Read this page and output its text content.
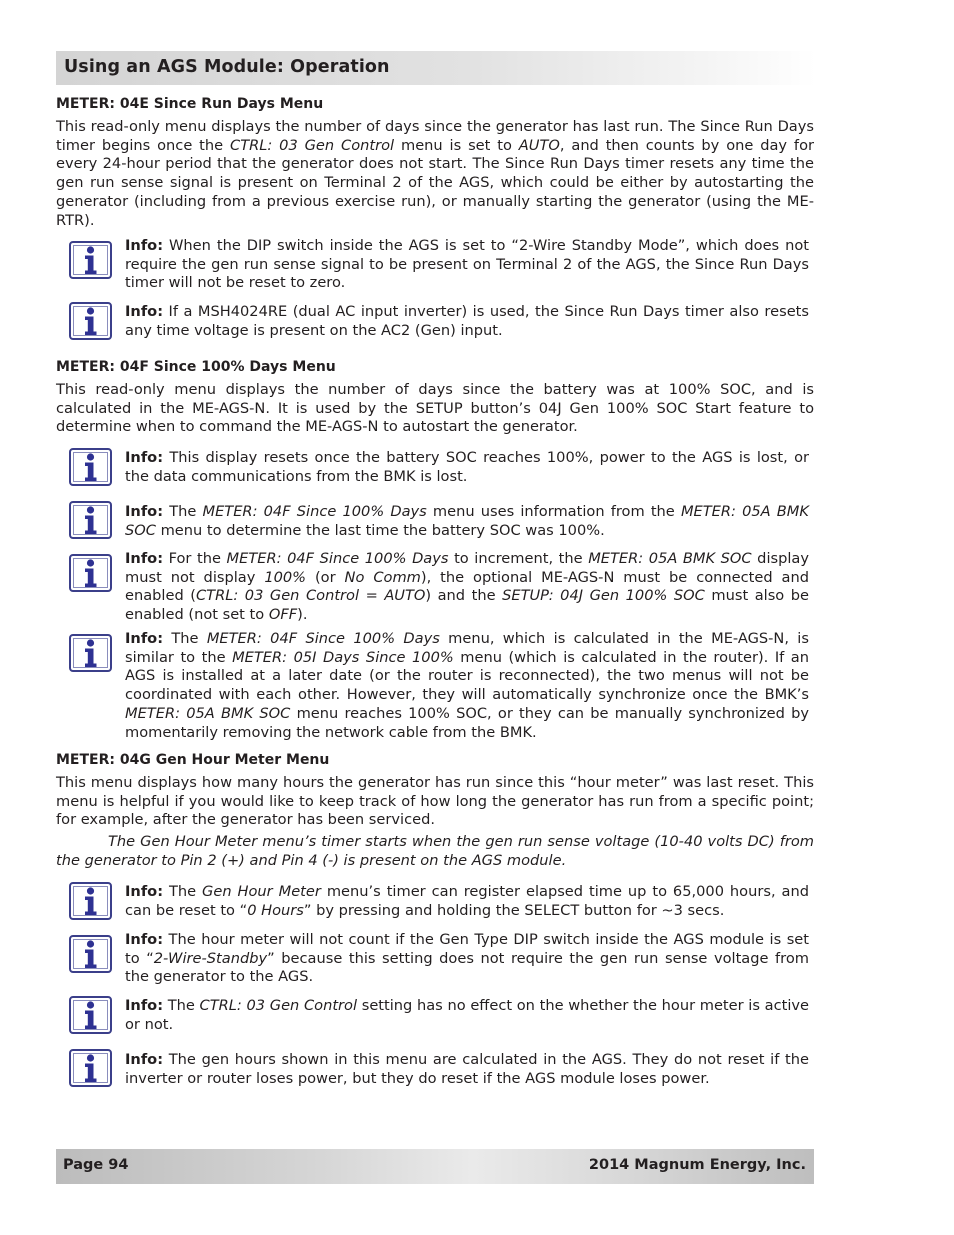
Using an AGS Module: Operation
METER: 04E Since Run Days Menu
This read-only menu displays the number of days since the generator has last run. The Since Run Days timer begins once the CTRL: 03 Gen Control menu is set to AUTO, and then counts by one day for every 24-hour period that the generator does not start. The Since Run Days timer resets any time the gen run sense signal is present on Terminal 2 of the AGS, which could be either by autostarting the generator (including from a previous exercise run), or manually starting the generator (using the ME-RTR).
Info: When the DIP switch inside the AGS is set to “2-Wire Standby Mode”, which does not require the gen run sense signal to be present on Terminal 2 of the AGS, the Since Run Days timer will not be reset to zero.
Info: If a MSH4024RE (dual AC input inverter) is used, the Since Run Days timer also resets any time voltage is present on the AC2 (Gen) input.
METER: 04F Since 100% Days Menu
This read-only menu displays the number of days since the battery was at 100% SOC, and is calculated in the ME-AGS-N. It is used by the SETUP button’s 04J Gen 100% SOC Start feature to determine when to command the ME-AGS-N to autostart the generator.
Info: This display resets once the battery SOC reaches 100%, power to the AGS is lost, or the data communications from the BMK is lost.
Info: The METER: 04F Since 100% Days menu uses information from the METER: 05A BMK SOC menu to determine the last time the battery SOC was 100%.
Info: For the METER: 04F Since 100% Days to increment, the METER: 05A BMK SOC display must not display 100% (or No Comm), the optional ME-AGS-N must be connected and enabled (CTRL: 03 Gen Control = AUTO) and the SETUP: 04J Gen 100% SOC must also be enabled (not set to OFF).
Info: The METER: 04F Since 100% Days menu, which is calculated in the ME-AGS-N, is similar to the METER: 05I Days Since 100% menu (which is calculated in the router). If an AGS is installed at a later date (or the router is reconnected), the two menus will not be coordinated with each other. However, they will automatically synchronize once the BMK’s METER: 05A BMK SOC menu reaches 100% SOC, or they can be manually synchronized by momentarily removing the network cable from the BMK.
METER: 04G Gen Hour Meter Menu
This menu displays how many hours the generator has run since this “hour meter” was last reset. This menu is helpful if you would like to keep track of how long the generator has run from a specific point; for example, after the generator has been serviced.
The Gen Hour Meter menu’s timer starts when the gen run sense voltage (10-40 volts DC) from the generator to Pin 2 (+) and Pin 4 (-) is present on the AGS module.
Info: The Gen Hour Meter menu’s timer can register elapsed time up to 65,000 hours, and can be reset to “0 Hours” by pressing and holding the SELECT button for ~3 secs.
Info: The hour meter will not count if the Gen Type DIP switch inside the AGS module is set to “2-Wire-Standby” because this setting does not require the gen run sense voltage from the generator to the AGS.
Info: The CTRL: 03 Gen Control setting has no effect on the whether the hour meter is active or not.
Info: The gen hours shown in this menu are calculated in the AGS. They do not reset if the inverter or router loses power, but they do reset if the AGS module loses power.
Page 94	2014 Magnum Energy, Inc.
